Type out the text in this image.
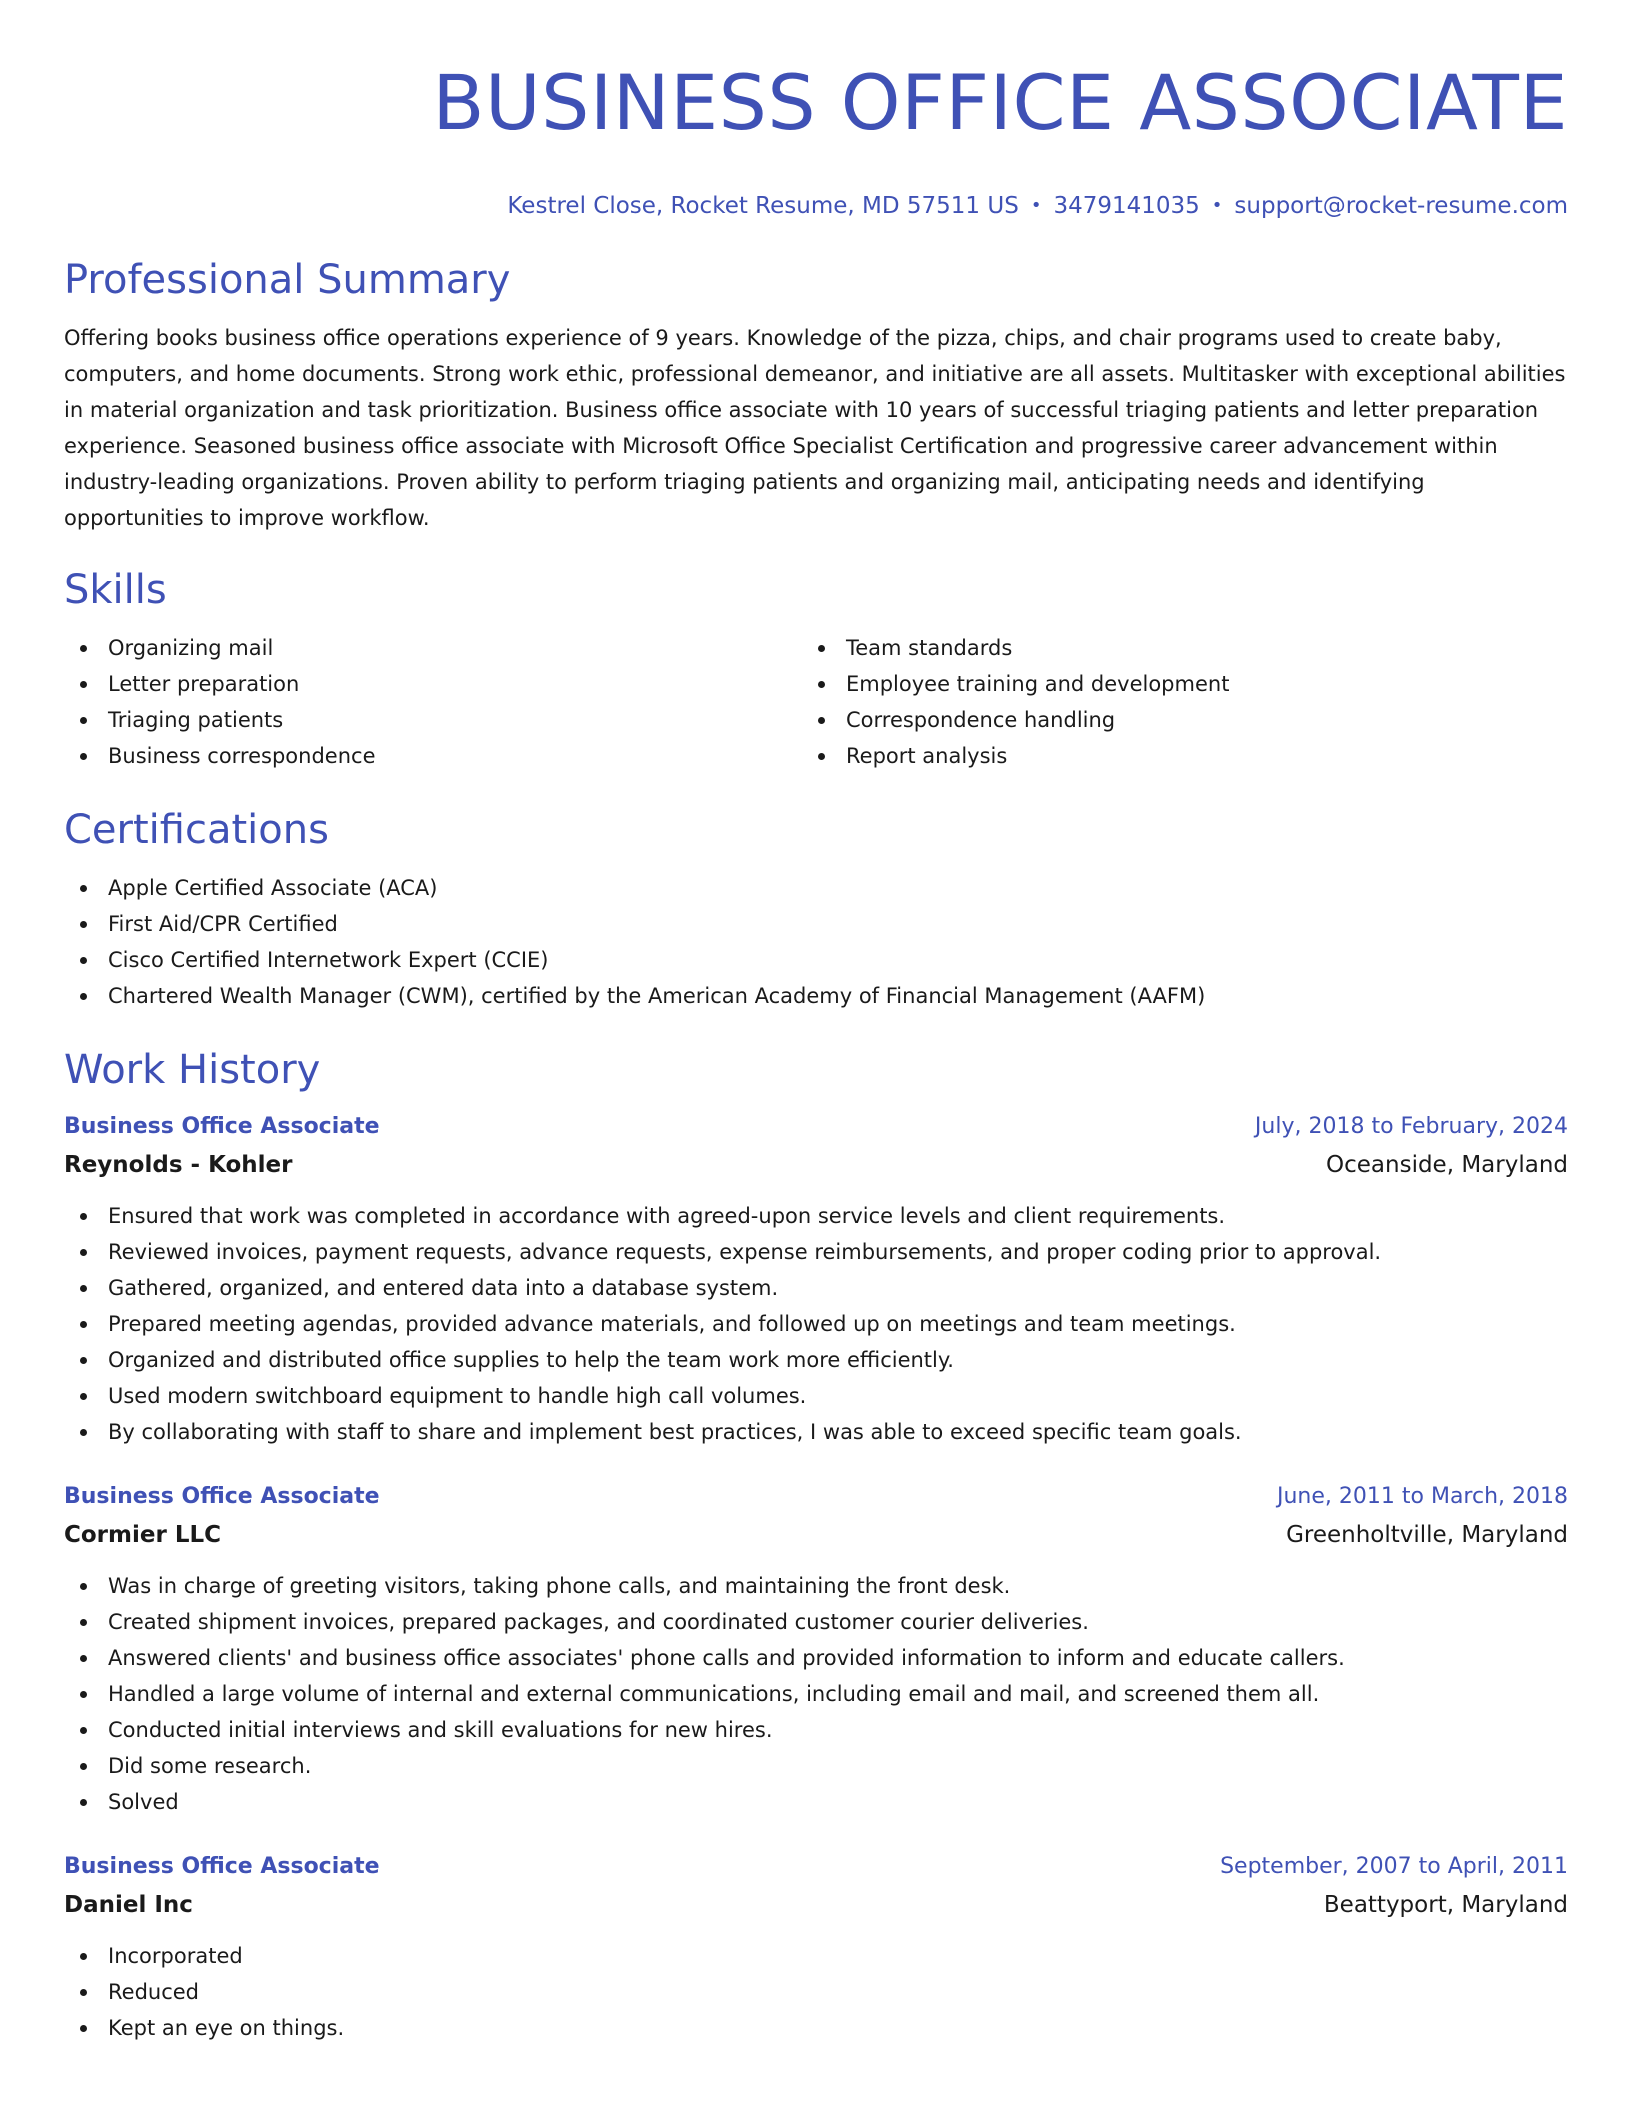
BUSINESS OFFICE ASSOCIATE
Kestrel Close, Rocket Resume, MD 57511 US • 3479141035 • support@rocket-resume.com
Professional Summary

Offering books business office operations experience of 9 years. Knowledge of the pizza, chips, and chair programs used to create baby, computers, and home documents. Strong work ethic, professional demeanor, and initiative are all assets. Multitasker with exceptional abilities in material organization and task prioritization. Business office associate with 10 years of successful triaging patients and letter preparation experience. Seasoned business office associate with Microsoft Office Specialist Certification and progressive career advancement within industry-leading organizations. Proven ability to perform triaging patients and organizing mail, anticipating needs and identifying opportunities to improve workflow.

Skills
Organizing mail
Letter preparation
Triaging patients
Business correspondence
Team standards
Employee training and development
Correspondence handling
Report analysis
Certifications
Apple Certified Associate (ACA)
First Aid/CPR Certified
Cisco Certified Internetwork Expert (CCIE)
Chartered Wealth Manager (CWM), certified by the American Academy of Financial Management (AAFM)
Work History
Business Office Associate	July, 2018 to February, 2024
Reynolds - Kohler	Oceanside, Maryland
Ensured that work was completed in accordance with agreed-upon service levels and client requirements.
Reviewed invoices, payment requests, advance requests, expense reimbursements, and proper coding prior to approval.
Gathered, organized, and entered data into a database system.
Prepared meeting agendas, provided advance materials, and followed up on meetings and team meetings.
Organized and distributed office supplies to help the team work more efficiently.
Used modern switchboard equipment to handle high call volumes.
By collaborating with staff to share and implement best practices, I was able to exceed specific team goals.
Business Office Associate	June, 2011 to March, 2018
Cormier LLC	Greenholtville, Maryland
Was in charge of greeting visitors, taking phone calls, and maintaining the front desk.
Created shipment invoices, prepared packages, and coordinated customer courier deliveries.
Answered clients' and business office associates' phone calls and provided information to inform and educate callers.
Handled a large volume of internal and external communications, including email and mail, and screened them all.
Conducted initial interviews and skill evaluations for new hires.
Did some research.
Solved
Business Office Associate	September, 2007 to April, 2011
Daniel Inc	Beattyport, Maryland
Incorporated
Reduced
Kept an eye on things.
